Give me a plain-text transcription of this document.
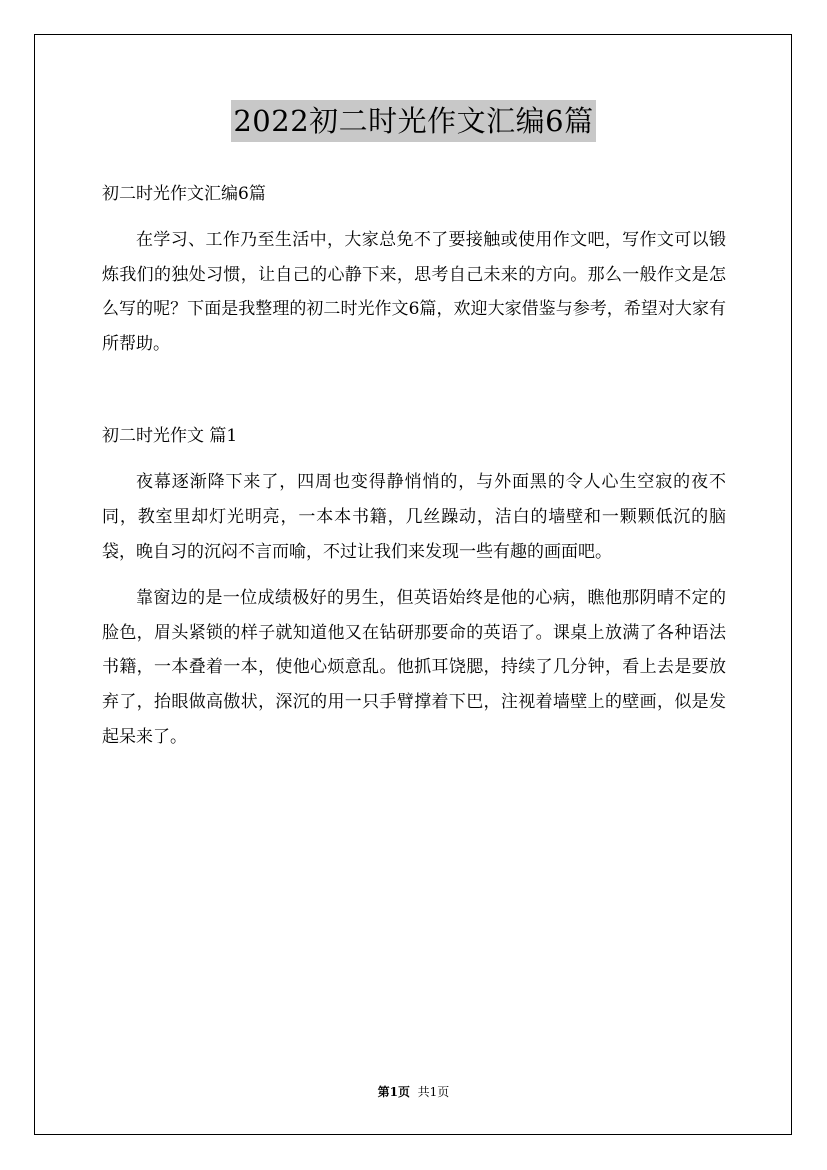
2022初二时光作文汇编6篇

初二时光作文汇编6篇

在学习、工作乃至生活中，大家总免不了要接触或使用作文吧，写作文可以锻炼我们的独处习惯，让自己的心静下来，思考自己未来的方向。那么一般作文是怎么写的呢？下面是我整理的初二时光作文6篇，欢迎大家借鉴与参考，希望对大家有所帮助。

初二时光作文 篇1

夜幕逐渐降下来了，四周也变得静悄悄的，与外面黑的令人心生空寂的夜不同，教室里却灯光明亮，一本本书籍，几丝躁动，洁白的墙壁和一颗颗低沉的脑袋，晚自习的沉闷不言而喻，不过让我们来发现一些有趣的画面吧。

靠窗边的是一位成绩极好的男生，但英语始终是他的心病，瞧他那阴晴不定的脸色，眉头紧锁的样子就知道他又在钻研那要命的英语了。课桌上放满了各种语法书籍，一本叠着一本，使他心烦意乱。他抓耳饶腮，持续了几分钟，看上去是要放弃了，抬眼做高傲状，深沉的用一只手臂撑着下巴，注视着墙壁上的壁画，似是发起呆来了。

第1页 共1页
